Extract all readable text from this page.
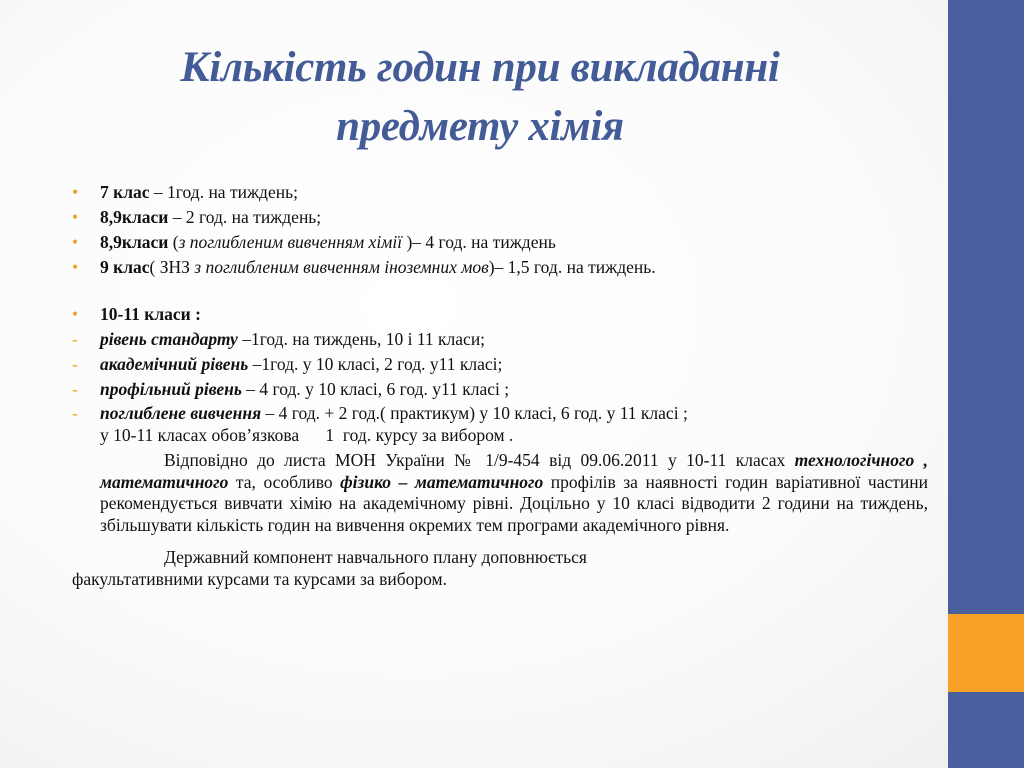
Кількість годин при викладанні
предмету хімія
•	7 клас – 1год. на тиждень;
•	8,9класи – 2 год. на тиждень;
•	8,9класи (з поглибленим вивченням хімії )– 4 год. на тиждень
•	9 клас( ЗНЗ з поглибленим вивченням іноземних мов)– 1,5 год. на тиждень.
•	10-11 класи :
-	рівень стандарту –1год. на тиждень, 10 і 11 класи;
-	академічний рівень –1год. у 10 класі, 2 год. у11 класі;
-	профільний рівень – 4 год. у 10 класі, 6 год. у11 класі ;
-	поглиблене вивчення – 4 год. + 2 год.( практикум) у 10 класі, 6 год. у 11 класі ;
у 10-11 класах обов’язкова      1  год. курсу за вибором .
Відповідно до листа МОН України № 1/9-454 від 09.06.2011 у 10-11 класах технологічного , математичного та, особливо фізико – математичного профілів за наявності годин варіативної частини рекомендується вивчати хімію на академічному рівні. Доцільно у 10 класі відводити 2 години на тиждень, збільшувати кількість годин на вивчення окремих тем програми академічного рівня.
Державний компонент навчального плану доповнюється
факультативними курсами та курсами за вибором.
